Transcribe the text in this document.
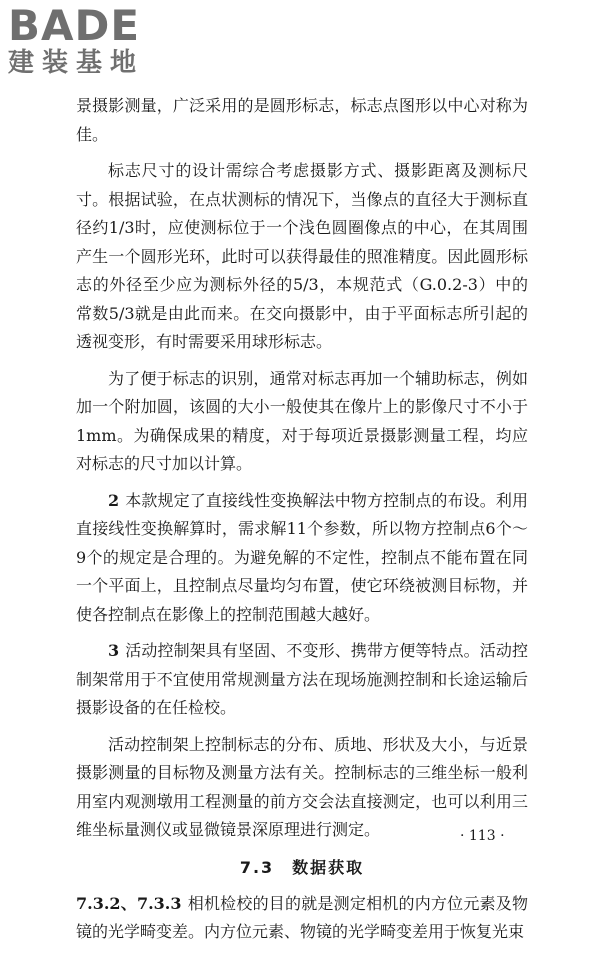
BADE
建装基地

景摄影测量，广泛采用的是圆形标志，标志点图形以中心对称为佳。

标志尺寸的设计需综合考虑摄影方式、摄影距离及测标尺寸。根据试验，在点状测标的情况下，当像点的直径大于测标直径约1/3时，应使测标位于一个浅色圆圈像点的中心，在其周围产生一个圆形光环，此时可以获得最佳的照准精度。因此圆形标志的外径至少应为测标外径的5/3，本规范式（G.0.2-3）中的常数5/3就是由此而来。在交向摄影中，由于平面标志所引起的透视变形，有时需要采用球形标志。

为了便于标志的识别，通常对标志再加一个辅助标志，例如加一个附加圆，该圆的大小一般使其在像片上的影像尺寸不小于1mm。为确保成果的精度，对于每项近景摄影测量工程，均应对标志的尺寸加以计算。

2 本款规定了直接线性变换解法中物方控制点的布设。利用直接线性变换解算时，需求解11个参数，所以物方控制点6个～9个的规定是合理的。为避免解的不定性，控制点不能布置在同一个平面上，且控制点尽量均匀布置，使它环绕被测目标物，并使各控制点在影像上的控制范围越大越好。

3 活动控制架具有坚固、不变形、携带方便等特点。活动控制架常用于不宜使用常规测量方法在现场施测控制和长途运输后摄影设备的在任检校。

活动控制架上控制标志的分布、质地、形状及大小，与近景摄影测量的目标物及测量方法有关。控制标志的三维坐标一般利用室内观测墩用工程测量的前方交会法直接测定，也可以利用三维坐标量测仪或显微镜景深原理进行测定。

7.3　数据获取

7.3.2、7.3.3 相机检校的目的就是测定相机的内方位元素及物镜的光学畸变差。内方位元素、物镜的光学畸变差用于恢复光束

· 113 ·
